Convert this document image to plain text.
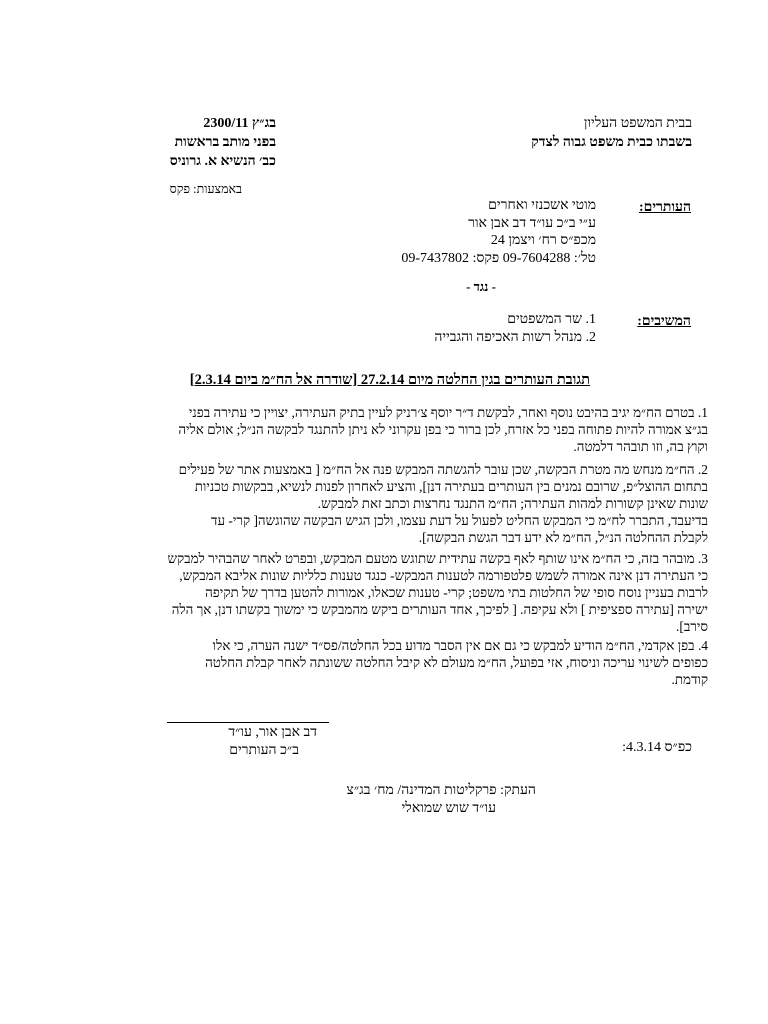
בבית המשפט העליון
בשבתו כבית משפט גבוה לצדק
בג״ץ 2300/11
בפני מותב בראשות
כב׳ הנשיא א. גרוניס
באמצעות: פקס
העותרים:
מוטי אשכנזי ואחרים
ע״י ב״כ עו״ד דב אבן אור
מכפ״ס רח׳ ויצמן 24
טל׳: 09-7604288 פקס: 09-7437802
- נגד -
המשיבים:
1. שר המשפטים
2. מנהל רשות האכיפה והגבייה
תגובת העותרים בגין החלטה מיום 27.2.14 [שודרה אל הח״מ ביום 2.3.14]
1. בטרם הח״מ יגיב בהיבט נוסף ואחר, לבקשת ד״ר יוסף צ׳רניק לעיין בתיק העתירה, יצויין כי עתירה בפני
בג״צ אמורה להיות פתוחה בפני כל אזרח, לכן ברור כי בפן עקרוני לא ניתן להתנגד לבקשה הנ״ל; אולם אליה
וקוץ בה, וזו תובהר דלמטה.
2. הח״מ מנחש מה מטרת הבקשה, שכן עובר להגשתה המבקש פנה אל הח״מ [ באמצעות אתר של פעילים
בתחום ההוצל״פ, שרובם נמנים בין העותרים בעתירה דנן], והציע לאחרון לפנות לנשיא, בבקשות טכניות
שונות שאינן קשורות למהות העתירה; הח״מ התנגד נחרצות וכתב זאת למבקש.
בדיעבד, התברר לח״מ כי המבקש החליט לפעול על דעת עצמו, ולכן הגיש הבקשה שהוגשה[ קרי- עד
לקבלת ההחלטה הנ״ל, הח״מ לא ידע דבר הגשת הבקשה].
3. מובהר בזה, כי הח״מ אינו שותף לאף בקשה עתידית שתוגש מטעם המבקש, ובפרט לאחר שהבהיר למבקש
כי העתירה דנן אינה אמורה לשמש פלטפורמה לטענות המבקש- כנגד טענות כלליות שונות אליבא המבקש,
לרבות בעניין נוסח סופי של החלטות בתי משפט; קרי- טענות שכאלו, אמורות להטען בדרך של תקיפה
ישירה [עתירה ספציפית ] ולא עקיפה. [ לפיכך, אחד העותרים ביקש מהמבקש כי ימשוך בקשתו דנן, אך הלה
סירב].
4. בפן אקדמי, הח״מ הודיע למבקש כי גם אם אין הסבר מדוע בכל החלטה/פס״ד ישנה הערה, כי אלו
כפופים לשינוי עריכה וניסוח, אזי בפועל, הח״מ מעולם לא קיבל החלטה ששונתה לאחר קבלת החלטה
קודמת.
דב אבן אור, עו״ד
ב״כ העותרים	כפ״ס 4.3.14:
העתק: פרקליטות המדינה/ מח׳ בג״צ
עו״ד שוש שמואלי
